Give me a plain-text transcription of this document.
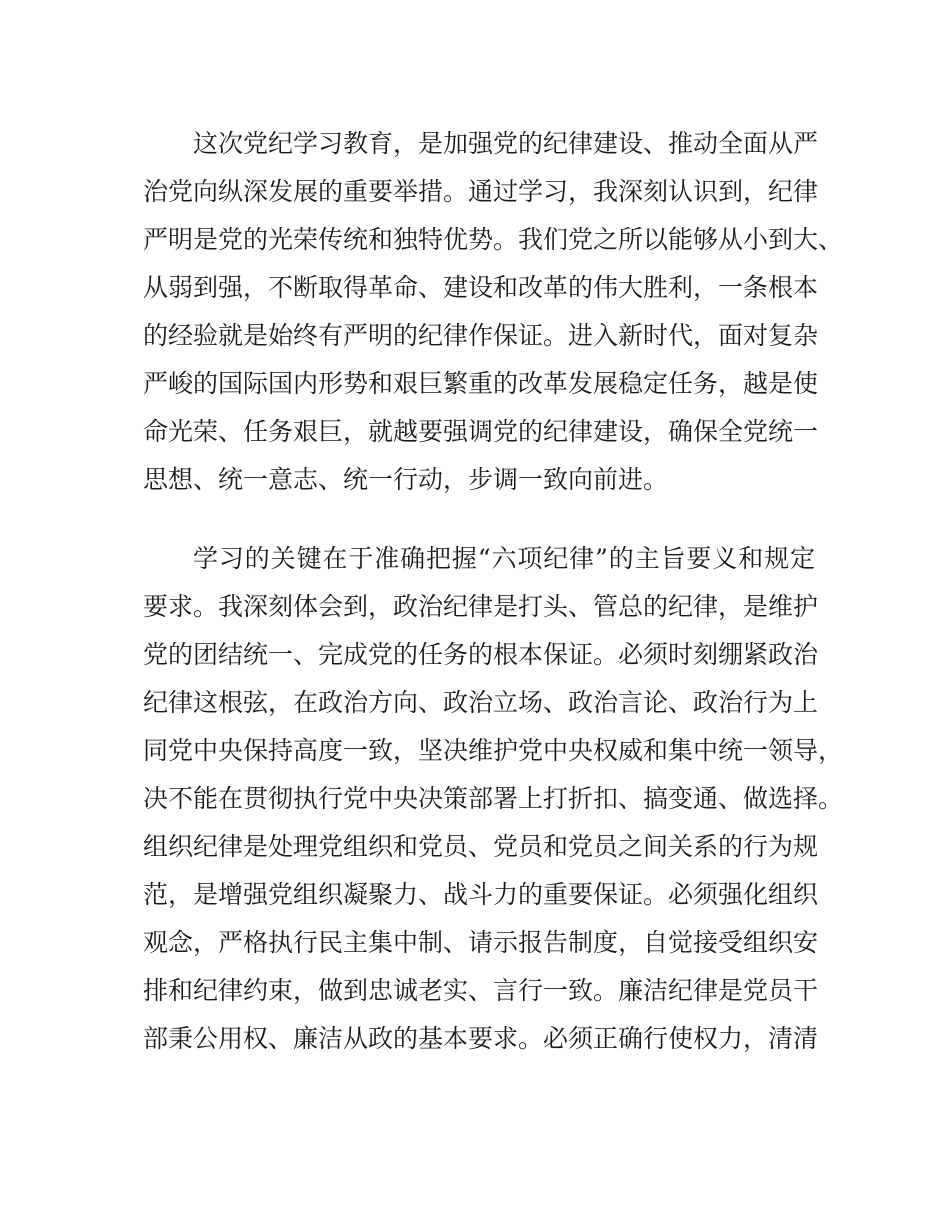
这次党纪学习教育，是加强党的纪律建设、推动全面从严
治党向纵深发展的重要举措。通过学习，我深刻认识到，纪律
严明是党的光荣传统和独特优势。我们党之所以能够从小到大、
从弱到强，不断取得革命、建设和改革的伟大胜利，一条根本
的经验就是始终有严明的纪律作保证。进入新时代，面对复杂
严峻的国际国内形势和艰巨繁重的改革发展稳定任务，越是使
命光荣、任务艰巨，就越要强调党的纪律建设，确保全党统一
思想、统一意志、统一行动，步调一致向前进。
学习的关键在于准确把握“六项纪律”的主旨要义和规定
要求。我深刻体会到，政治纪律是打头、管总的纪律，是维护
党的团结统一、完成党的任务的根本保证。必须时刻绷紧政治
纪律这根弦，在政治方向、政治立场、政治言论、政治行为上
同党中央保持高度一致，坚决维护党中央权威和集中统一领导，
决不能在贯彻执行党中央决策部署上打折扣、搞变通、做选择。
组织纪律是处理党组织和党员、党员和党员之间关系的行为规
范，是增强党组织凝聚力、战斗力的重要保证。必须强化组织
观念，严格执行民主集中制、请示报告制度，自觉接受组织安
排和纪律约束，做到忠诚老实、言行一致。廉洁纪律是党员干
部秉公用权、廉洁从政的基本要求。必须正确行使权力，清清
